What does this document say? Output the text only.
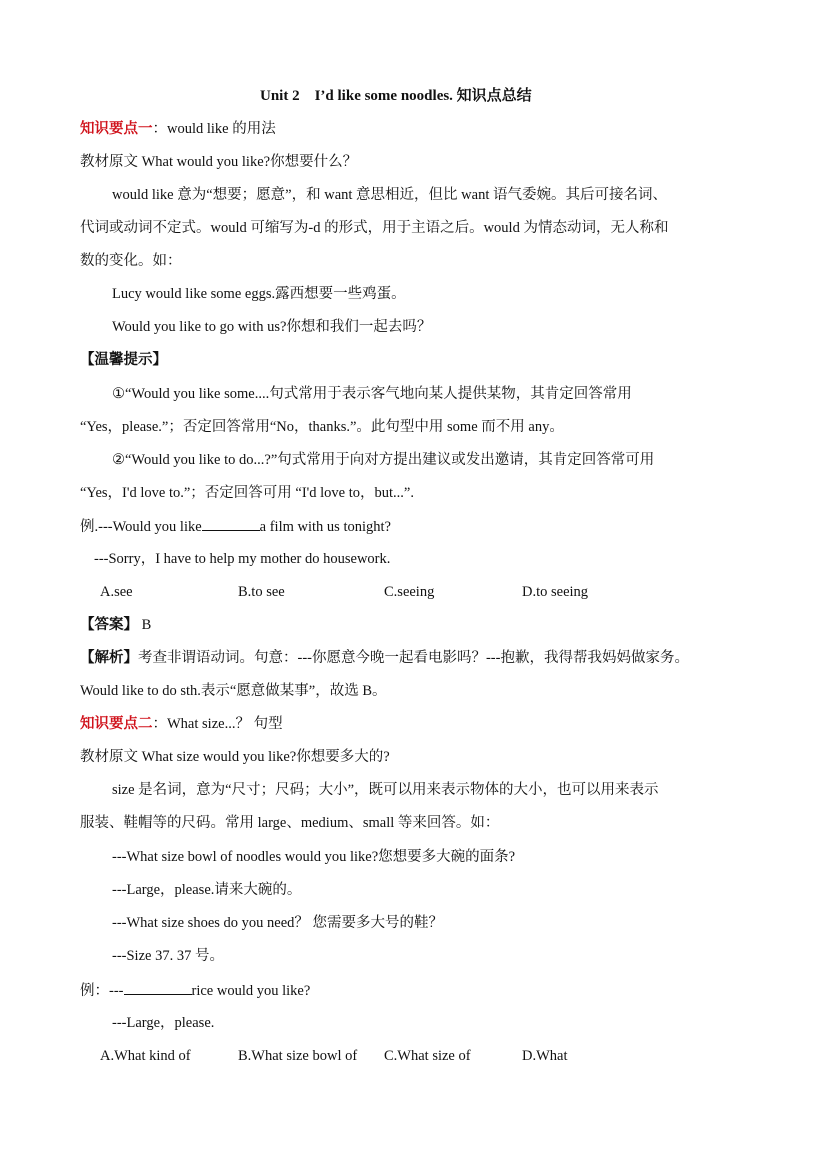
Unit 2　I’d like some noodles. 知识点总结
知识要点一：would like 的用法
教材原文 What would you like?你想要什么？
would like 意为“想要；愿意”，和 want 意思相近，但比 want 语气委婉。其后可接名词、
代词或动词不定式。would 可缩写为-d 的形式，用于主语之后。would 为情态动词，无人称和
数的变化。如：
Lucy would like some eggs.露西想要一些鸡蛋。
Would you like to go with us?你想和我们一起去吗？
【温馨提示】
①“Would you like some....句式常用于表示客气地向某人提供某物，其肯定回答常用
“Yes，please.”；否定回答常用“No，thanks.”。此句型中用 some 而不用 any。
②“Would you like to do...?”句式常用于向对方提出建议或发出邀请，其肯定回答常可用
“Yes，I'd love to.”；否定回答可用 “I'd love to，but...”.
例.---Would you like	a film with us tonight?
---Sorry，I have to help my mother do housework.
A.see	B.to see	C.seeing	D.to seeing
【答案】 B
【解析】考查非谓语动词。句意：---你愿意今晚一起看电影吗？---抱歉，我得帮我妈妈做家务。
Would like to do sth.表示“愿意做某事”，故选 B。
知识要点二：What size...？ 句型
教材原文 What size would you like?你想要多大的?
size 是名词，意为“尺寸；尺码；大小”，既可以用来表示物体的大小，也可以用来表示
服装、鞋帽等的尺码。常用 large、medium、small 等来回答。如：
---What size bowl of noodles would you like?您想要多大碗的面条?
---Large，please.请来大碗的。
---What size shoes do you need？ 您需要多大号的鞋？
---Size 37. 37 号。
例：---	rice would you like?
---Large，please.
A.What kind of	B.What size bowl of C.What size of	D.What
